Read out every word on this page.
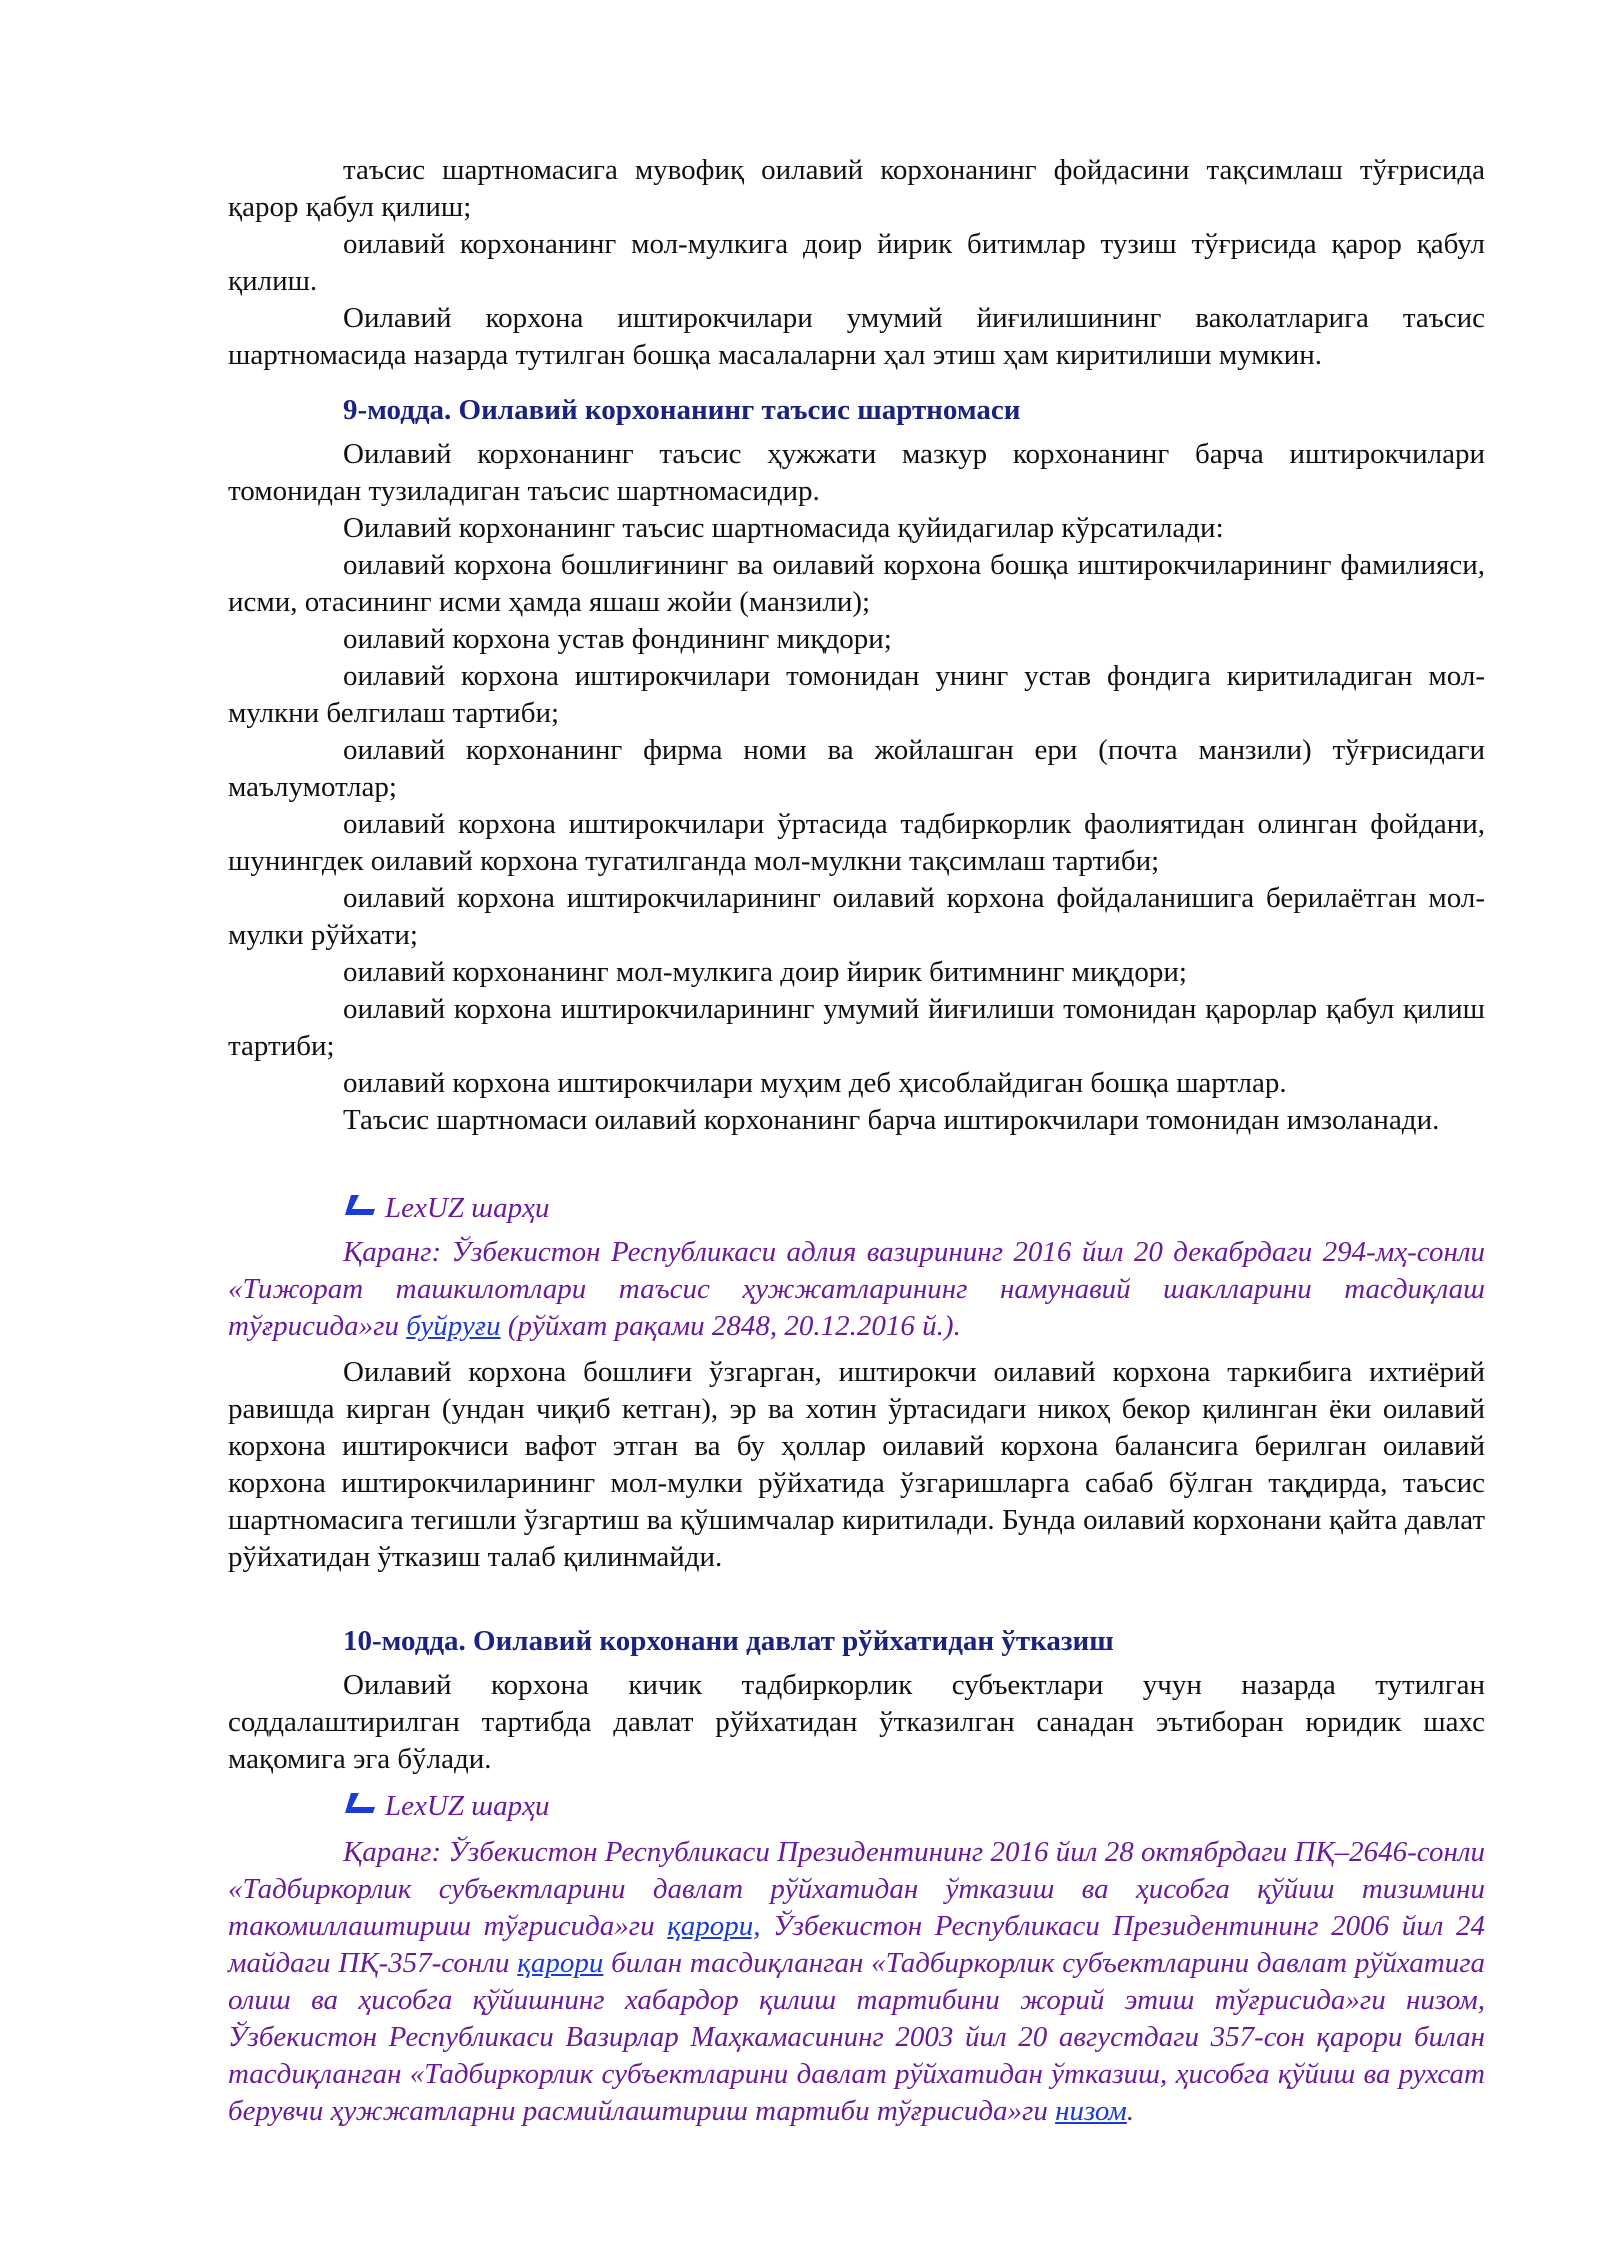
таъсис шартномасига мувофиқ оилавий корхонанинг фойдасини тақсимлаш тўғрисида қарор қабул қилиш;

оилавий корхонанинг мол-мулкига доир йирик битимлар тузиш тўғрисида қарор қабул қилиш.

Оилавий корхона иштирокчилари умумий йиғилишининг ваколатларига таъсис шартномасида назарда тутилган бошқа масалаларни ҳал этиш ҳам киритилиши мумкин.

9-модда. Оилавий корхонанинг таъсис шартномаси

Оилавий корхонанинг таъсис ҳужжати мазкур корхонанинг барча иштирокчилари томонидан тузиладиган таъсис шартномасидир.

Оилавий корхонанинг таъсис шартномасида қуйидагилар кўрсатилади:

оилавий корхона бошлиғининг ва оилавий корхона бошқа иштирокчиларининг фамилияси, исми, отасининг исми ҳамда яшаш жойи (манзили);

оилавий корхона устав фондининг миқдори;

оилавий корхона иштирокчилари томонидан унинг устав фондига киритиладиган мол-мулкни белгилаш тартиби;

оилавий корхонанинг фирма номи ва жойлашган ери (почта манзили) тўғрисидаги маълумотлар;

оилавий корхона иштирокчилари ўртасида тадбиркорлик фаолиятидан олинган фойдани, шунингдек оилавий корхона тугатилганда мол-мулкни тақсимлаш тартиби;

оилавий корхона иштирокчиларининг оилавий корхона фойдаланишига берилаётган мол-мулки рўйхати;

оилавий корхонанинг мол-мулкига доир йирик битимнинг миқдори;

оилавий корхона иштирокчиларининг умумий йиғилиши томонидан қарорлар қабул қилиш тартиби;

оилавий корхона иштирокчилари муҳим деб ҳисоблайдиган бошқа шартлар.

Таъсис шартномаси оилавий корхонанинг барча иштирокчилари томонидан имзоланади.

LexUZ шарҳи

Қаранг: Ўзбекистон Республикаси адлия вазирининг 2016 йил 20 декабрдаги 294-мҳ-сонли «Тижорат ташкилотлари таъсис ҳужжатларининг намунавий шаклларини тасдиқлаш тўғрисида»ги буйруғи (рўйхат рақами 2848, 20.12.2016 й.).

Оилавий корхона бошлиғи ўзгарган, иштирокчи оилавий корхона таркибига ихтиёрий равишда кирган (ундан чиқиб кетган), эр ва хотин ўртасидаги никоҳ бекор қилинган ёки оилавий корхона иштирокчиси вафот этган ва бу ҳоллар оилавий корхона балансига берилган оилавий корхона иштирокчиларининг мол-мулки рўйхатида ўзгаришларга сабаб бўлган тақдирда, таъсис шартномасига тегишли ўзгартиш ва қўшимчалар киритилади. Бунда оилавий корхонани қайта давлат рўйхатидан ўтказиш талаб қилинмайди.

10-модда. Оилавий корхонани давлат рўйхатидан ўтказиш

Оилавий корхона кичик тадбиркорлик субъектлари учун назарда тутилган соддалаштирилган тартибда давлат рўйхатидан ўтказилган санадан эътиборан юридик шахс мақомига эга бўлади.

LexUZ шарҳи

Қаранг: Ўзбекистон Республикаси Президентининг 2016 йил 28 октябрдаги ПҚ–2646-сонли «Тадбиркорлик субъектларини давлат рўйхатидан ўтказиш ва ҳисобга қўйиш тизимини такомиллаштириш тўғрисида»ги қарори, Ўзбекистон Республикаси Президентининг 2006 йил 24 майдаги ПҚ-357-сонли қарори билан тасдиқланган «Тадбиркорлик субъектларини давлат рўйхатига олиш ва ҳисобга қўйишнинг хабардор қилиш тартибини жорий этиш тўғрисида»ги низом, Ўзбекистон Республикаси Вазирлар Маҳкамасининг 2003 йил 20 августдаги 357-сон қарори билан тасдиқланган «Тадбиркорлик субъектларини давлат рўйхатидан ўтказиш, ҳисобга қўйиш ва рухсат берувчи ҳужжатларни расмийлаштириш тартиби тўғрисида»ги низом.
